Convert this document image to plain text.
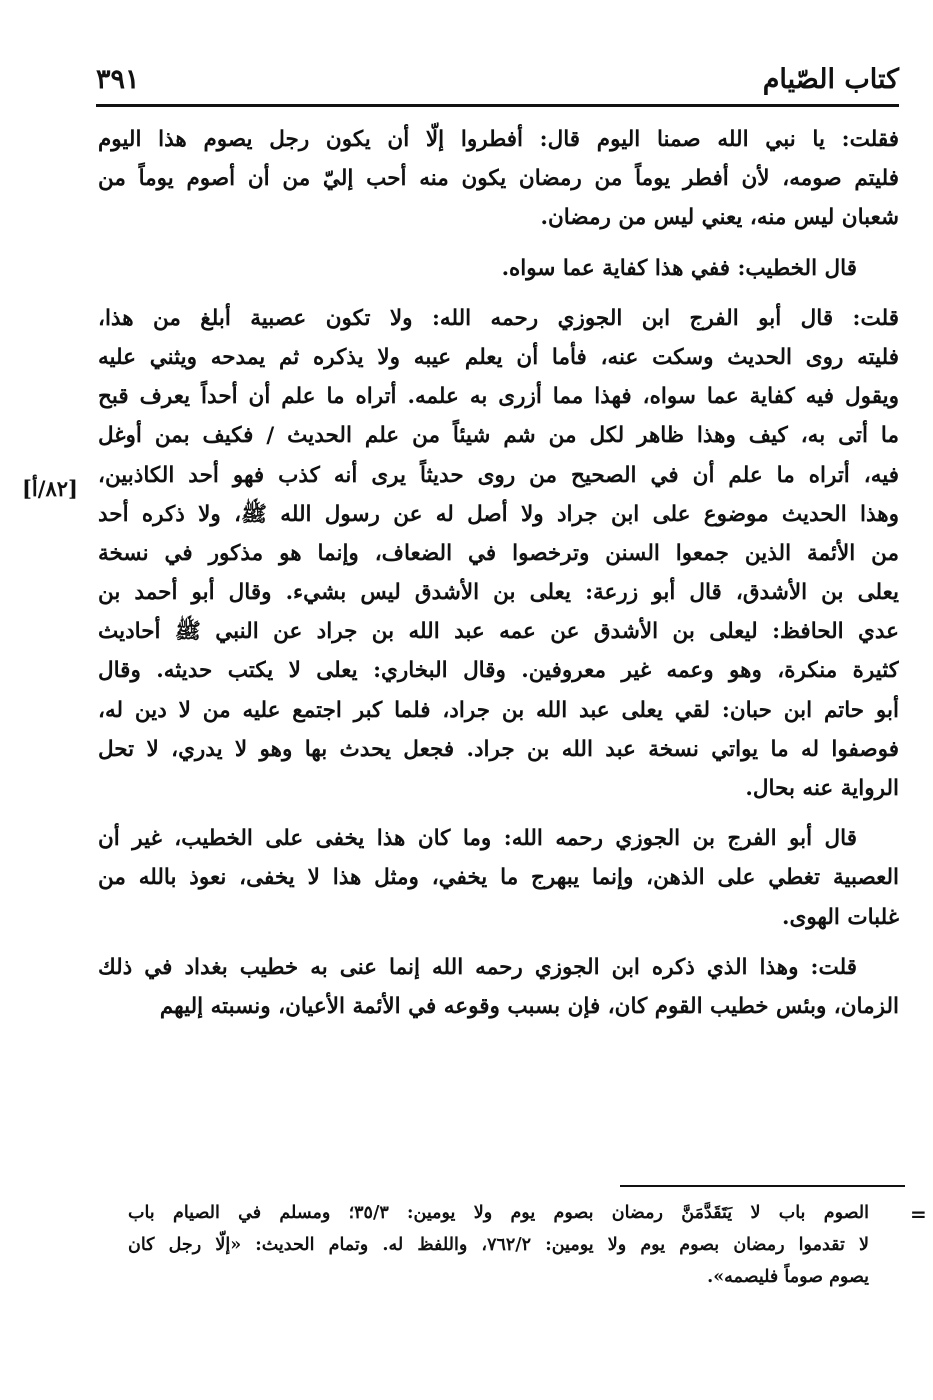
كتاب الصّيام
٣٩١
[٨٢/أ]
فقلت: يا نبي الله صمنا اليوم قال: أفطروا إلّا أن يكون رجل يصوم هذا اليوم
فليتم صومه، لأن أفطر يوماً من رمضان يكون منه أحب إليّ من أن أصوم يوماً من
شعبان ليس منه، يعني ليس من رمضان.
قال الخطيب: ففي هذا كفاية عما سواه.
قلت: قال أبو الفرج ابن الجوزي رحمه الله: ولا تكون عصبية أبلغ من هذا،
فليته روى الحديث وسكت عنه، فأما أن يعلم عيبه ولا يذكره ثم يمدحه ويثني عليه
ويقول فيه كفاية عما سواه، فهذا مما أزرى به علمه. أتراه ما علم أن أحداً يعرف قبح
ما أتى به، كيف وهذا ظاهر لكل من شم شيئاً من علم الحديث / فكيف بمن أوغل
فيه، أتراه ما علم أن في الصحيح من روى حديثاً يرى أنه كذب فهو أحد الكاذبين،
وهذا الحديث موضوع على ابن جراد ولا أصل له عن رسول الله ﷺ، ولا ذكره أحد
من الأئمة الذين جمعوا السنن وترخصوا في الضعاف، وإنما هو مذكور في نسخة
يعلى بن الأشدق، قال أبو زرعة: يعلى بن الأشدق ليس بشيء. وقال أبو أحمد بن
عدي الحافظ: ليعلى بن الأشدق عن عمه عبد الله بن جراد عن النبي ﷺ أحاديث
كثيرة منكرة، وهو وعمه غير معروفين. وقال البخاري: يعلى لا يكتب حديثه. وقال
أبو حاتم ابن حبان: لقي يعلى عبد الله بن جراد، فلما كبر اجتمع عليه من لا دين له،
فوصفوا له ما يواتي نسخة عبد الله بن جراد. فجعل يحدث بها وهو لا يدري، لا تحل
الرواية عنه بحال.
قال أبو الفرج بن الجوزي رحمه الله: وما كان هذا يخفى على الخطيب، غير أن
العصبية تغطي على الذهن، وإنما يبهرج ما يخفي، ومثل هذا لا يخفى، نعوذ بالله من
غلبات الهوى.
قلت: وهذا الذي ذكره ابن الجوزي رحمه الله إنما عنى به خطيب بغداد في ذلك
الزمان، وبئس خطيب القوم كان، فإن بسبب وقوعه في الأئمة الأعيان، ونسبته إليهم
=
الصوم باب لا يَتَقَدَّمَنَّ رمضان بصوم يوم ولا يومين: ٣٥/٣؛ ومسلم في الصيام باب
لا تقدموا رمضان بصوم يوم ولا يومين: ٧٦٢/٢، واللفظ له. وتمام الحديث: «إلّا رجل كان
يصوم صوماً فليصمه».
